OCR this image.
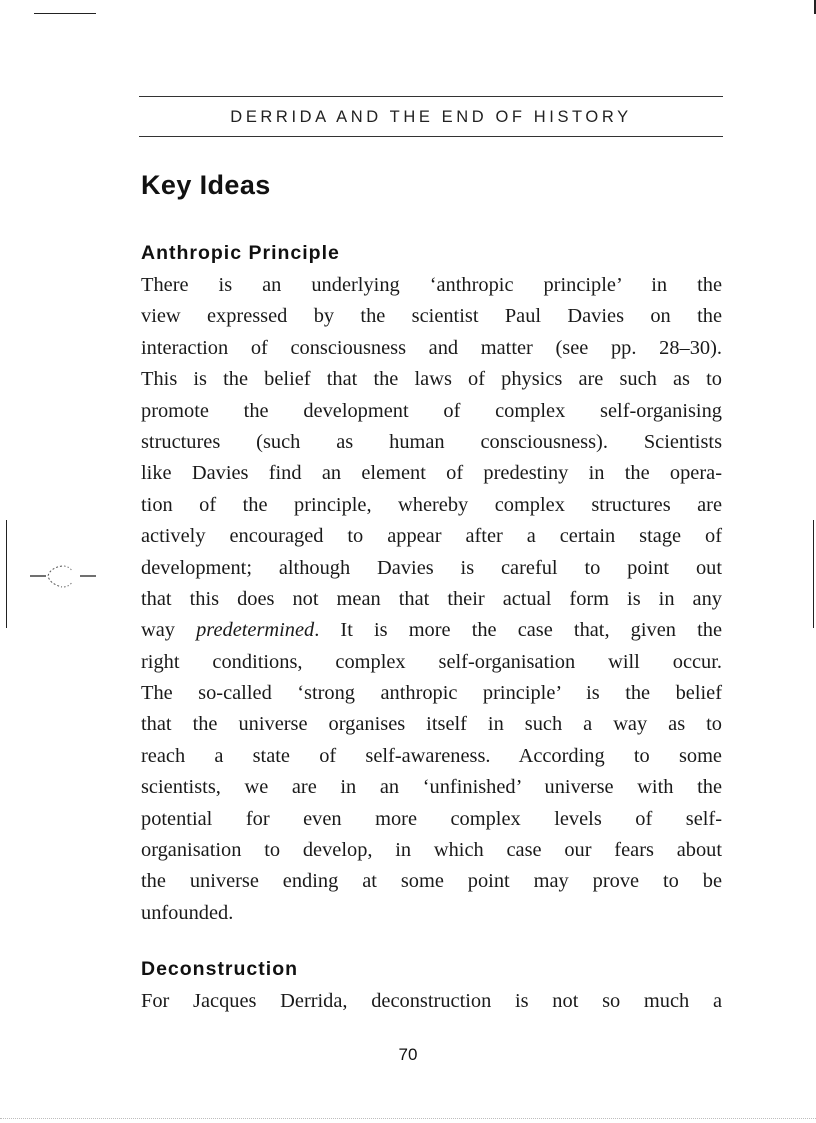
DERRIDA AND THE END OF HISTORY
Key Ideas
Anthropic Principle
There is an underlying ‘anthropic principle’ in the
view expressed by the scientist Paul Davies on the
interaction of consciousness and matter (see pp. 28–30).
This is the belief that the laws of physics are such as to
promote the development of complex self-organising
structures (such as human consciousness). Scientists
like Davies find an element of predestiny in the opera-
tion of the principle, whereby complex structures are
actively encouraged to appear after a certain stage of
development; although Davies is careful to point out
that this does not mean that their actual form is in any
way predetermined. It is more the case that, given the
right conditions, complex self-organisation will occur.
The so-called ‘strong anthropic principle’ is the belief
that the universe organises itself in such a way as to
reach a state of self-awareness. According to some
scientists, we are in an ‘unfinished’ universe with the
potential for even more complex levels of self-
organisation to develop, in which case our fears about
the universe ending at some point may prove to be
unfounded.
Deconstruction
For Jacques Derrida, deconstruction is not so much a
70
